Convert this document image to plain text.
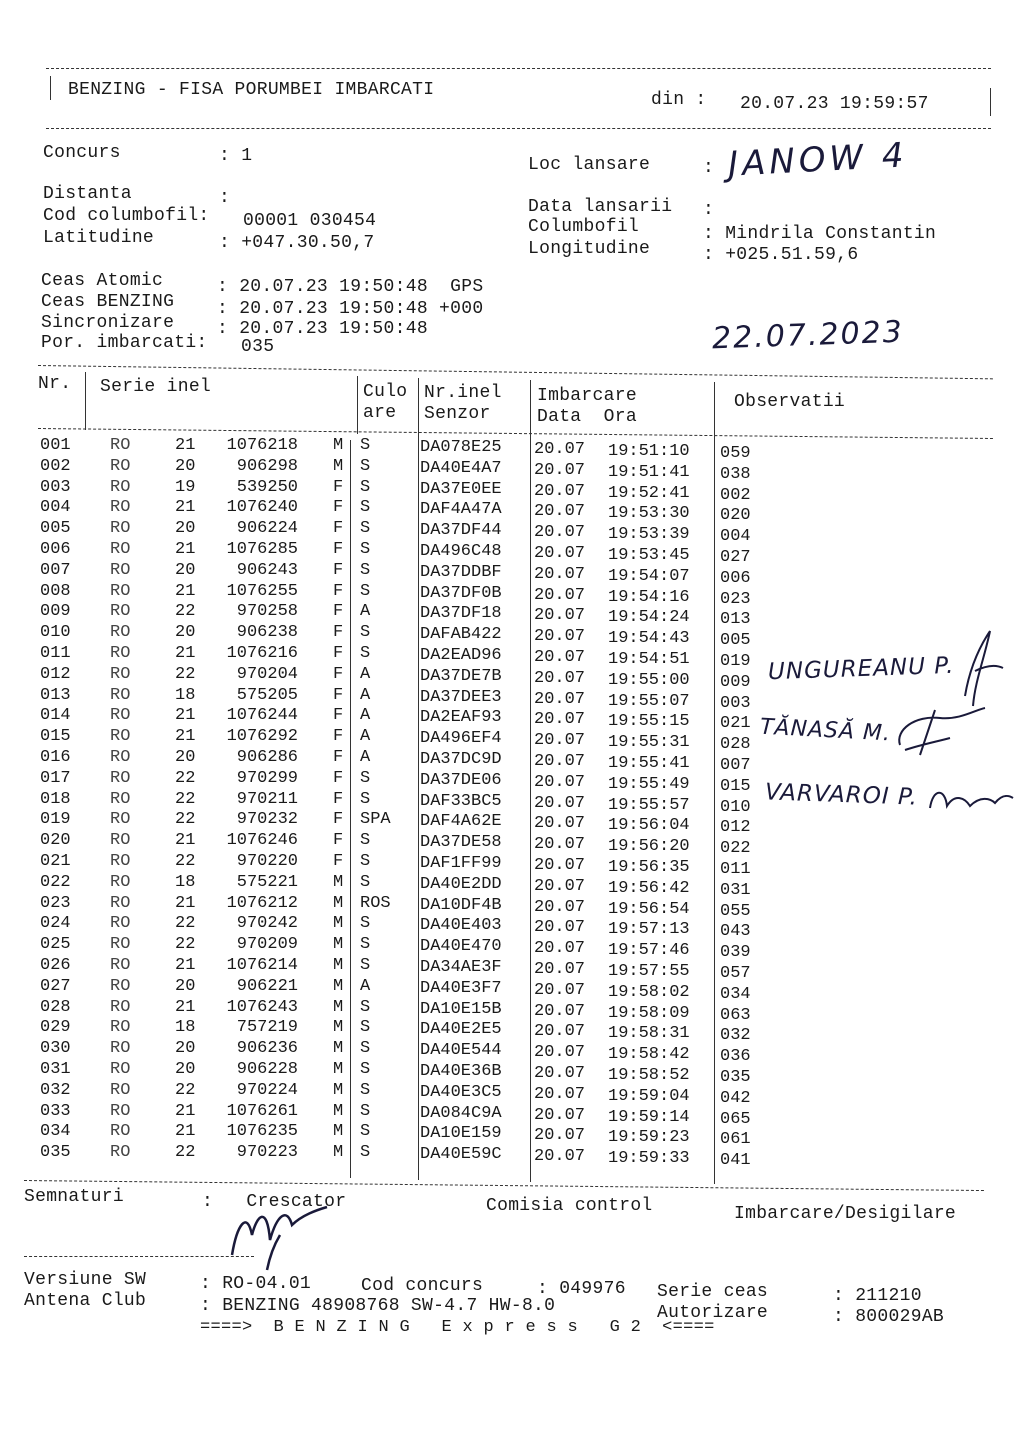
BENZING - FISA PORUMBEI IMBARCATI	din : 20.07.23 19:59:57
Concurs	: 1
Distanta	:
Cod columbofil: 00001 030454
Latitudine	: +047.30.50,7
Loc lansare	: JANOW 4
Data lansarii :
Columbofil	: Mindrila Constantin
Longitudine	: +025.51.59,6
Ceas Atomic	: 20.07.23 19:50:48  GPS
Ceas BENZING : 20.07.23 19:50:48 +000
Sincronizare : 20.07.23 19:50:48
Por. imbarcati: 035	22.07.2023
Nr. Serie inel	Culo
are
Nr.inel
Senzor
Imbarcare
Data  Ora
Observatii
001 RO	21	1076218 M S	DA078E25 20.07 19:51:10 059
002 RO	20	906298 M S	DA40E4A7 20.07 19:51:41 038
003 RO	19	539250 F S	DA37E0EE 20.07 19:52:41 002
004 RO	21	1076240 F S	DAF4A47A 20.07 19:53:30 020
005 RO	20	906224 F S	DA37DF44 20.07 19:53:39 004
006 RO	21	1076285 F S	DA496C48 20.07 19:53:45 027
007 RO	20	906243 F S	DA37DDBF 20.07 19:54:07 006
008 RO	21	1076255 F S	DA37DF0B 20.07 19:54:16 023
009 RO	22	970258 F A	DA37DF18 20.07 19:54:24 013
010 RO	20	906238 F S	DAFAB422 20.07 19:54:43 005
011 RO	21	1076216 F S	DA2EAD96 20.07 19:54:51 019
012 RO	22	970204 F A	DA37DE7B 20.07 19:55:00 009
013 RO	18	575205 F A	DA37DEE3 20.07 19:55:07 003
014 RO	21	1076244 F A	DA2EAF93 20.07 19:55:15 021
015 RO	21	1076292 F A	DA496EF4 20.07 19:55:31 028
016 RO	20	906286 F A	DA37DC9D 20.07 19:55:41 007
017 RO	22	970299 F S	DA37DE06 20.07 19:55:49 015
018 RO	22	970211 F S	DAF33BC5 20.07 19:55:57 010
019 RO	22	970232 F SPA DAF4A62E 20.07 19:56:04 012
020 RO	21	1076246 F S	DA37DE58 20.07 19:56:20 022
021 RO	22	970220 F S	DAF1FF99 20.07 19:56:35 011
022 RO	18	575221 M S	DA40E2DD 20.07 19:56:42 031
023 RO	21	1076212 M ROS DA10DF4B 20.07 19:56:54 055
024 RO	22	970242 M S	DA40E403 20.07 19:57:13 043
025 RO	22	970209 M S	DA40E470 20.07 19:57:46 039
026 RO	21	1076214 M S	DA34AE3F 20.07 19:57:55 057
027 RO	20	906221 M A	DA40E3F7 20.07 19:58:02 034
028 RO	21	1076243 M S	DA10E15B 20.07 19:58:09 063
029 RO	18	757219 M S	DA40E2E5 20.07 19:58:31 032
030 RO	20	906236 M S	DA40E544 20.07 19:58:42 036
031 RO	20	906228 M S	DA40E36B 20.07 19:58:52 035
032 RO	22	970224 M S	DA40E3C5 20.07 19:59:04 042
033 RO	21	1076261 M S	DA084C9A 20.07 19:59:14 065
034 RO	21	1076235 M S	DA10E159 20.07 19:59:23 061
035 RO	22	970223 M S	DA40E59C 20.07 19:59:33 041
UNGUREANU P.
TĂNASĂ M.
VARVAROI P.
Semnaturi	:   Crescator	Comisia control	Imbarcare/Desigilare
Versiune SW	: RO-04.01	Cod concurs	: 049976 Serie ceas	: 211210
Antena Club	: BENZING 48908768 SW-4.7 HW-8.0	Autorizare	: 800029AB
====>  B E N Z I N G   E x p r e s s   G 2  <====
